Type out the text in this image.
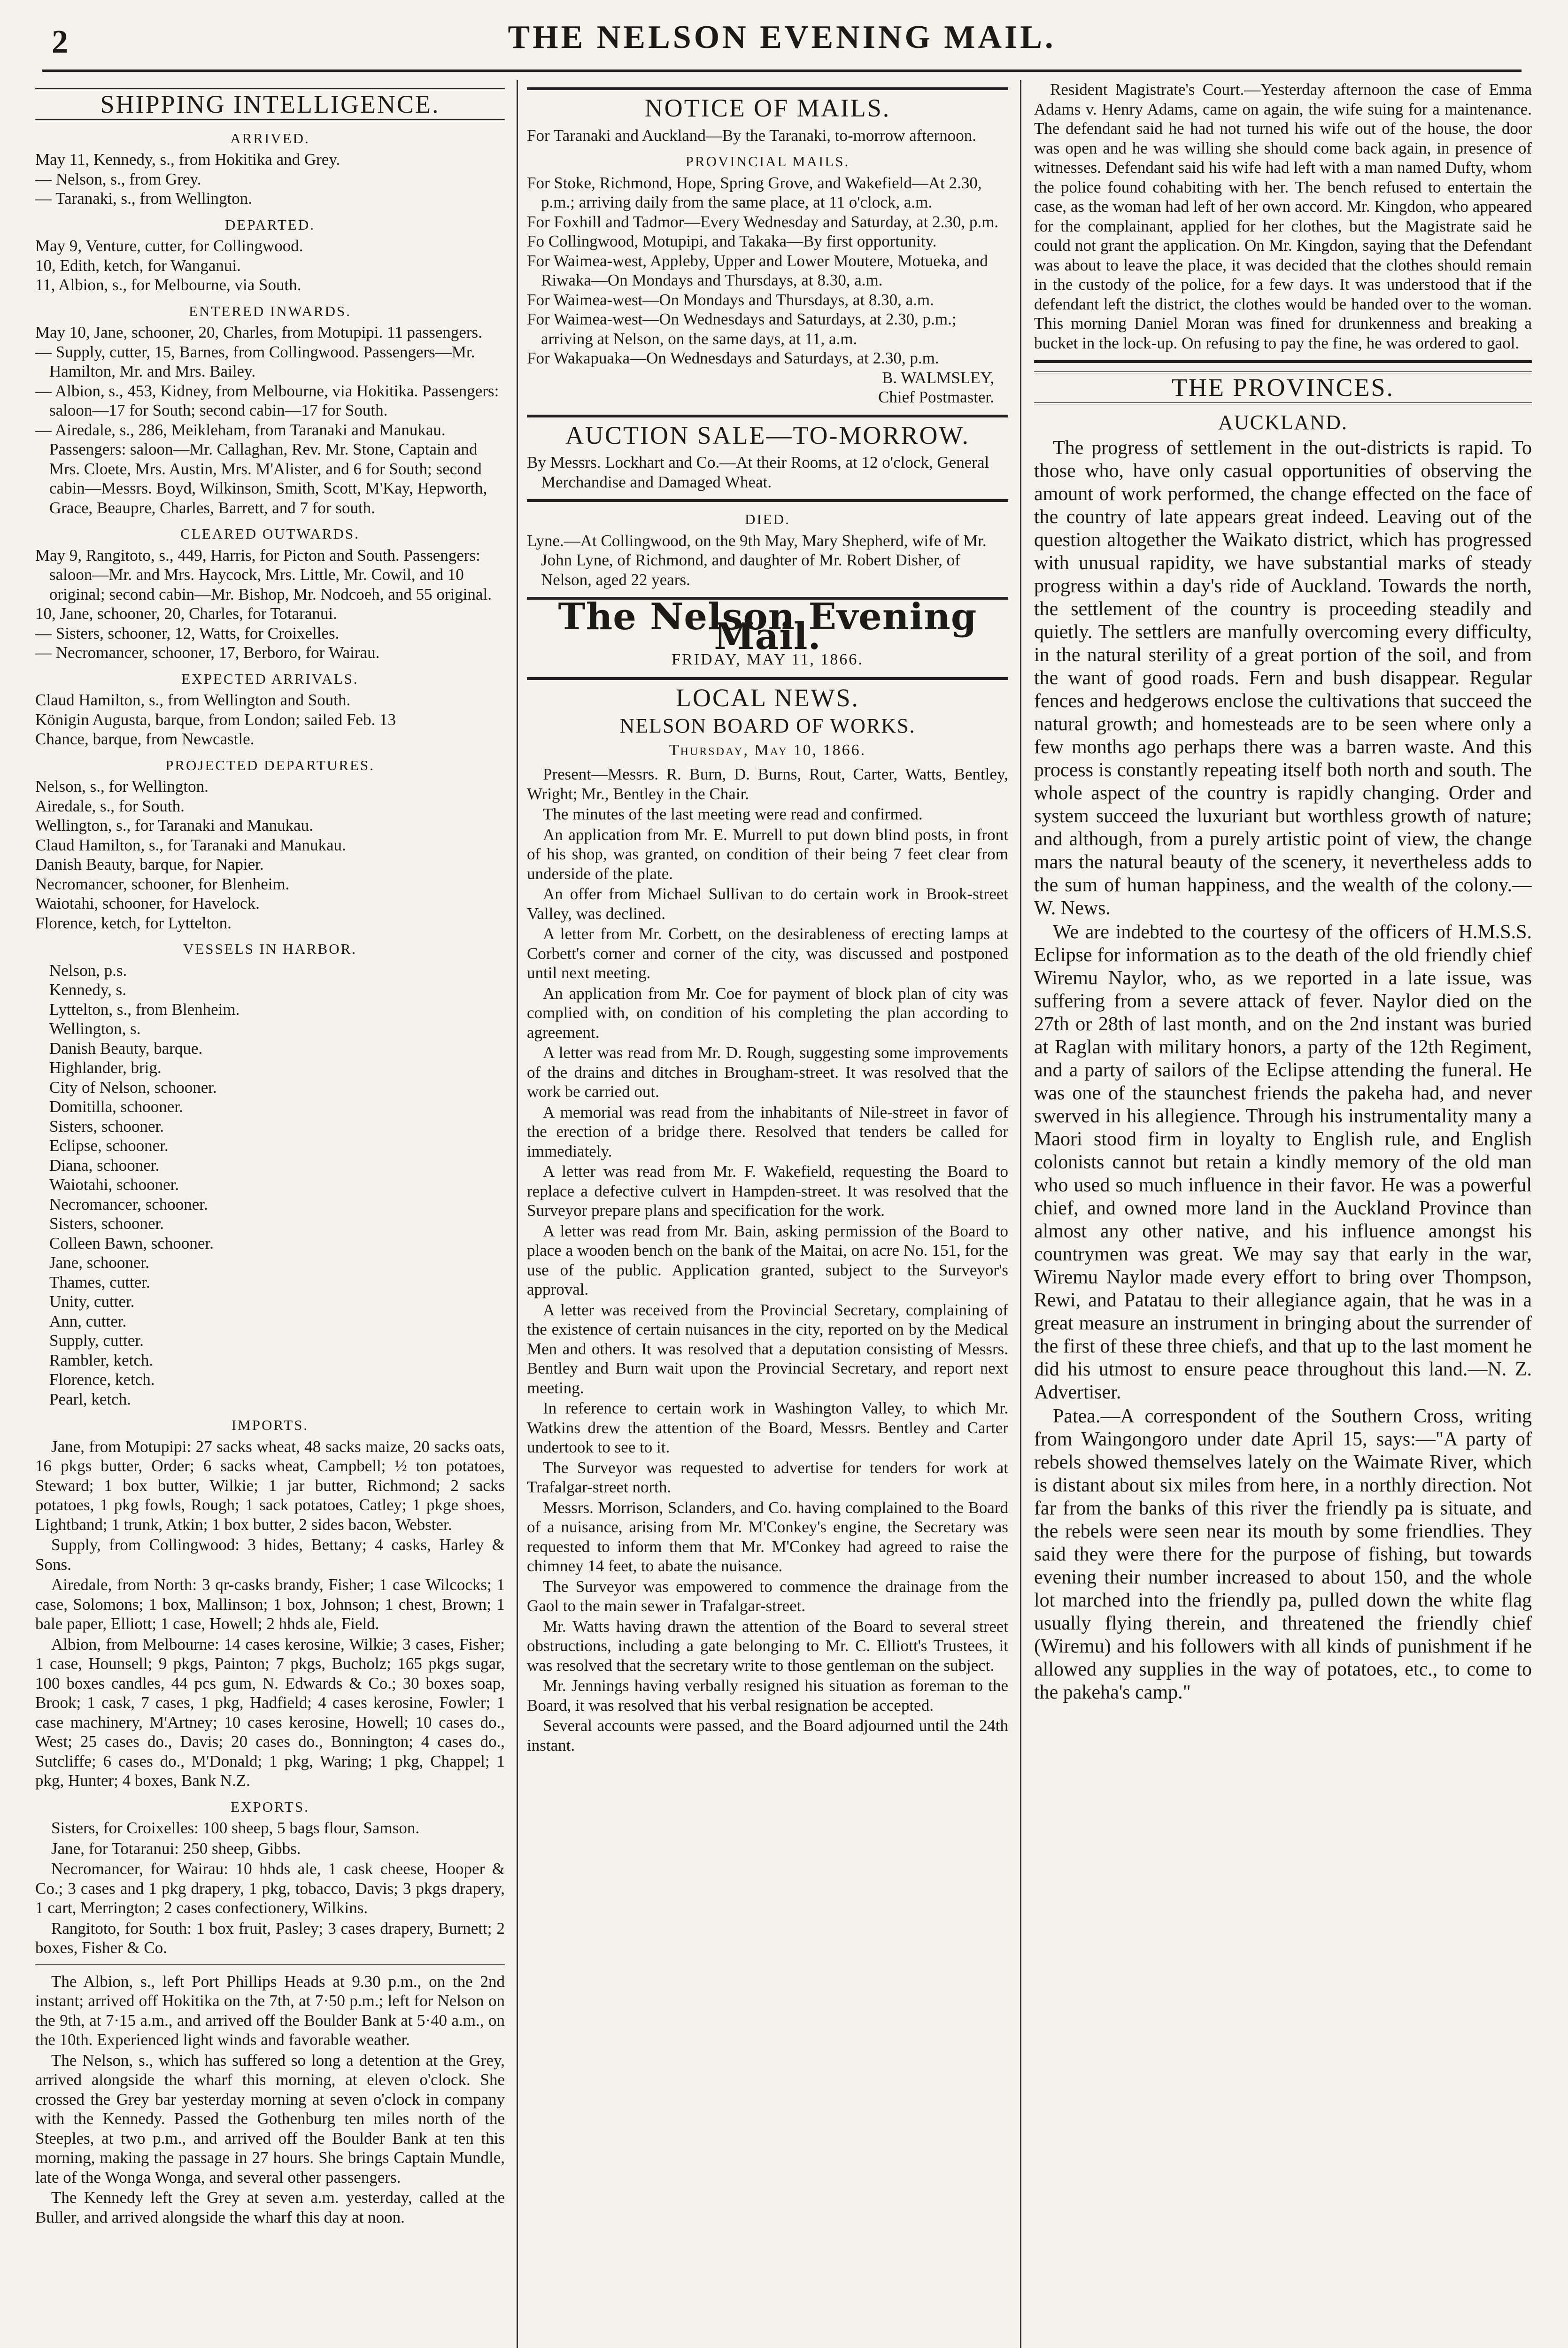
2	THE NELSON EVENING MAIL.
SHIPPING INTELLIGENCE.
ARRIVED.

May 11, Kennedy, s., from Hokitika and Grey.

— Nelson, s., from Grey.

— Taranaki, s., from Wellington.

DEPARTED.

May 9, Venture, cutter, for Collingwood.

10, Edith, ketch, for Wanganui.

11, Albion, s., for Melbourne, via South.

ENTERED INWARDS.

May 10, Jane, schooner, 20, Charles, from Motupipi. 11 passengers.

— Supply, cutter, 15, Barnes, from Collingwood. Passengers—Mr. Hamilton, Mr. and Mrs. Bailey.

— Albion, s., 453, Kidney, from Melbourne, via Hokitika. Passengers: saloon—17 for South; second cabin—17 for South.

— Airedale, s., 286, Meikleham, from Taranaki and Manukau. Passengers: saloon—Mr. Callaghan, Rev. Mr. Stone, Captain and Mrs. Cloete, Mrs. Austin, Mrs. M'Alister, and 6 for South; second cabin—Messrs. Boyd, Wilkinson, Smith, Scott, M'Kay, Hepworth, Grace, Beaupre, Charles, Barrett, and 7 for south.

CLEARED OUTWARDS.

May 9, Rangitoto, s., 449, Harris, for Picton and South. Passengers: saloon—Mr. and Mrs. Haycock, Mrs. Little, Mr. Cowil, and 10 original; second cabin—Mr. Bishop, Mr. Nodcoeh, and 55 original.

10, Jane, schooner, 20, Charles, for Totaranui.

— Sisters, schooner, 12, Watts, for Croixelles.

— Necromancer, schooner, 17, Berboro, for Wairau.

EXPECTED ARRIVALS.

Claud Hamilton, s., from Wellington and South.

Königin Augusta, barque, from London; sailed Feb. 13

Chance, barque, from Newcastle.

PROJECTED DEPARTURES.

Nelson, s., for Wellington.

Airedale, s., for South.

Wellington, s., for Taranaki and Manukau.

Claud Hamilton, s., for Taranaki and Manukau.

Danish Beauty, barque, for Napier.

Necromancer, schooner, for Blenheim.

Waiotahi, schooner, for Havelock.

Florence, ketch, for Lyttelton.

VESSELS IN HARBOR.

Nelson, p.s.

Kennedy, s.

Lyttelton, s., from Blenheim.

Wellington, s.

Danish Beauty, barque.

Highlander, brig.

City of Nelson, schooner.

Domitilla, schooner.

Sisters, schooner.

Eclipse, schooner.

Diana, schooner.

Waiotahi, schooner.

Necromancer, schooner.

Sisters, schooner.

Colleen Bawn, schooner.

Jane, schooner.

Thames, cutter.

Unity, cutter.

Ann, cutter.

Supply, cutter.

Rambler, ketch.

Florence, ketch.

Pearl, ketch.

IMPORTS.

Jane, from Motupipi: 27 sacks wheat, 48 sacks maize, 20 sacks oats, 16 pkgs butter, Order; 6 sacks wheat, Campbell; ½ ton potatoes, Steward; 1 box butter, Wilkie; 1 jar butter, Richmond; 2 sacks potatoes, 1 pkg fowls, Rough; 1 sack potatoes, Catley; 1 pkge shoes, Lightband; 1 trunk, Atkin; 1 box butter, 2 sides bacon, Webster.

Supply, from Collingwood: 3 hides, Bettany; 4 casks, Harley & Sons.

Airedale, from North: 3 qr-casks brandy, Fisher; 1 case Wilcocks; 1 case, Solomons; 1 box, Mallinson; 1 box, Johnson; 1 chest, Brown; 1 bale paper, Elliott; 1 case, Howell; 2 hhds ale, Field.

Albion, from Melbourne: 14 cases kerosine, Wilkie; 3 cases, Fisher; 1 case, Hounsell; 9 pkgs, Painton; 7 pkgs, Bucholz; 165 pkgs sugar, 100 boxes candles, 44 pcs gum, N. Edwards & Co.; 30 boxes soap, Brook; 1 cask, 7 cases, 1 pkg, Hadfield; 4 cases kerosine, Fowler; 1 case machinery, M'Artney; 10 cases kerosine, Howell; 10 cases do., West; 25 cases do., Davis; 20 cases do., Bonnington; 4 cases do., Sutcliffe; 6 cases do., M'Donald; 1 pkg, Waring; 1 pkg, Chappel; 1 pkg, Hunter; 4 boxes, Bank N.Z.

EXPORTS.

Sisters, for Croixelles: 100 sheep, 5 bags flour, Samson.

Jane, for Totaranui: 250 sheep, Gibbs.

Necromancer, for Wairau: 10 hhds ale, 1 cask cheese, Hooper & Co.; 3 cases and 1 pkg drapery, 1 pkg, tobacco, Davis; 3 pkgs drapery, 1 cart, Merrington; 2 cases confectionery, Wilkins.

Rangitoto, for South: 1 box fruit, Pasley; 3 cases drapery, Burnett; 2 boxes, Fisher & Co.

The Albion, s., left Port Phillips Heads at 9.30 p.m., on the 2nd instant; arrived off Hokitika on the 7th, at 7·50 p.m.; left for Nelson on the 9th, at 7·15 a.m., and arrived off the Boulder Bank at 5·40 a.m., on the 10th. Experienced light winds and favorable weather.

The Nelson, s., which has suffered so long a detention at the Grey, arrived alongside the wharf this morning, at eleven o'clock. She crossed the Grey bar yesterday morning at seven o'clock in company with the Kennedy. Passed the Gothenburg ten miles north of the Steeples, at two p.m., and arrived off the Boulder Bank at ten this morning, making the passage in 27 hours. She brings Captain Mundle, late of the Wonga Wonga, and several other passengers.

The Kennedy left the Grey at seven a.m. yesterday, called at the Buller, and arrived alongside the wharf this day at noon.

NOTICE OF MAILS.

For Taranaki and Auckland—By the Taranaki, to-morrow afternoon.

PROVINCIAL MAILS.

For Stoke, Richmond, Hope, Spring Grove, and Wakefield—At 2.30, p.m.; arriving daily from the same place, at 11 o'clock, a.m.

For Foxhill and Tadmor—Every Wednesday and Saturday, at 2.30, p.m.

Fo Collingwood, Motupipi, and Takaka—By first opportunity.

For Waimea-west, Appleby, Upper and Lower Moutere, Motueka, and Riwaka—On Mondays and Thursdays, at 8.30, a.m.

For Waimea-west—On Mondays and Thursdays, at 8.30, a.m.

For Waimea-west—On Wednesdays and Saturdays, at 2.30, p.m.; arriving at Nelson, on the same days, at 11, a.m.

For Wakapuaka—On Wednesdays and Saturdays, at 2.30, p.m.

B. WALMSLEY,

Chief Postmaster.

AUCTION SALE—TO-MORROW.

By Messrs. Lockhart and Co.—At their Rooms, at 12 o'clock, General Merchandise and Damaged Wheat.

DIED.

Lyne.—At Collingwood, on the 9th May, Mary Shepherd, wife of Mr. John Lyne, of Richmond, and daughter of Mr. Robert Disher, of Nelson, aged 22 years.

The Nelson Evening Mail.
FRIDAY, MAY 11, 1866.
LOCAL NEWS.
NELSON BOARD OF WORKS.
Thursday, May 10, 1866.

Present—Messrs. R. Burn, D. Burns, Rout, Carter, Watts, Bentley, Wright; Mr., Bentley in the Chair.

The minutes of the last meeting were read and confirmed.

An application from Mr. E. Murrell to put down blind posts, in front of his shop, was granted, on condition of their being 7 feet clear from underside of the plate.

An offer from Michael Sullivan to do certain work in Brook-street Valley, was declined.

A letter from Mr. Corbett, on the desirableness of erecting lamps at Corbett's corner and corner of the city, was discussed and postponed until next meeting.

An application from Mr. Coe for payment of block plan of city was complied with, on condition of his completing the plan according to agreement.

A letter was read from Mr. D. Rough, suggesting some improvements of the drains and ditches in Brougham-street. It was resolved that the work be carried out.

A memorial was read from the inhabitants of Nile-street in favor of the erection of a bridge there. Resolved that tenders be called for immediately.

A letter was read from Mr. F. Wakefield, requesting the Board to replace a defective culvert in Hampden-street. It was resolved that the Surveyor prepare plans and specification for the work.

A letter was read from Mr. Bain, asking permission of the Board to place a wooden bench on the bank of the Maitai, on acre No. 151, for the use of the public. Application granted, subject to the Surveyor's approval.

A letter was received from the Provincial Secretary, complaining of the existence of certain nuisances in the city, reported on by the Medical Men and others. It was resolved that a deputation consisting of Messrs. Bentley and Burn wait upon the Provincial Secretary, and report next meeting.

In reference to certain work in Washington Valley, to which Mr. Watkins drew the attention of the Board, Messrs. Bentley and Carter undertook to see to it.

The Surveyor was requested to advertise for tenders for work at Trafalgar-street north.

Messrs. Morrison, Sclanders, and Co. having complained to the Board of a nuisance, arising from Mr. M'Conkey's engine, the Secretary was requested to inform them that Mr. M'Conkey had agreed to raise the chimney 14 feet, to abate the nuisance.

The Surveyor was empowered to commence the drainage from the Gaol to the main sewer in Trafalgar-street.

Mr. Watts having drawn the attention of the Board to several street obstructions, including a gate belonging to Mr. C. Elliott's Trustees, it was resolved that the secretary write to those gentleman on the subject.

Mr. Jennings having verbally resigned his situation as foreman to the Board, it was resolved that his verbal resignation be accepted.

Several accounts were passed, and the Board adjourned until the 24th instant.

Resident Magistrate's Court.—Yesterday afternoon the case of Emma Adams v. Henry Adams, came on again, the wife suing for a maintenance. The defendant said he had not turned his wife out of the house, the door was open and he was willing she should come back again, in presence of witnesses. Defendant said his wife had left with a man named Dufty, whom the police found cohabiting with her. The bench refused to entertain the case, as the woman had left of her own accord. Mr. Kingdon, who appeared for the complainant, applied for her clothes, but the Magistrate said he could not grant the application. On Mr. Kingdon, saying that the Defendant was about to leave the place, it was decided that the clothes should remain in the custody of the police, for a few days. It was understood that if the defendant left the district, the clothes would be handed over to the woman. This morning Daniel Moran was fined for drunkenness and breaking a bucket in the lock-up. On refusing to pay the fine, he was ordered to gaol.

THE PROVINCES.
AUCKLAND.

The progress of settlement in the out-districts is rapid. To those who, have only casual opportunities of observing the amount of work performed, the change effected on the face of the country of late appears great indeed. Leaving out of the question altogether the Waikato district, which has progressed with unusual rapidity, we have substantial marks of steady progress within a day's ride of Auckland. Towards the north, the settlement of the country is proceeding steadily and quietly. The settlers are manfully overcoming every difficulty, in the natural sterility of a great portion of the soil, and from the want of good roads. Fern and bush disappear. Regular fences and hedgerows enclose the cultivations that succeed the natural growth; and homesteads are to be seen where only a few months ago perhaps there was a barren waste. And this process is constantly repeating itself both north and south. The whole aspect of the country is rapidly changing. Order and system succeed the luxuriant but worthless growth of nature; and although, from a purely artistic point of view, the change mars the natural beauty of the scenery, it nevertheless adds to the sum of human happiness, and the wealth of the colony.—W. News.

We are indebted to the courtesy of the officers of H.M.S.S. Eclipse for information as to the death of the old friendly chief Wiremu Naylor, who, as we reported in a late issue, was suffering from a severe attack of fever. Naylor died on the 27th or 28th of last month, and on the 2nd instant was buried at Raglan with military honors, a party of the 12th Regiment, and a party of sailors of the Eclipse attending the funeral. He was one of the staunchest friends the pakeha had, and never swerved in his allegience. Through his instrumentality many a Maori stood firm in loyalty to English rule, and English colonists cannot but retain a kindly memory of the old man who used so much influence in their favor. He was a powerful chief, and owned more land in the Auckland Province than almost any other native, and his influence amongst his countrymen was great. We may say that early in the war, Wiremu Naylor made every effort to bring over Thompson, Rewi, and Patatau to their allegiance again, that he was in a great measure an instrument in bringing about the surrender of the first of these three chiefs, and that up to the last moment he did his utmost to ensure peace throughout this land.—N. Z. Advertiser.

Patea.—A correspondent of the Southern Cross, writing from Waingongoro under date April 15, says:—"A party of rebels showed themselves lately on the Waimate River, which is distant about six miles from here, in a northly direction. Not far from the banks of this river the friendly pa is situate, and the rebels were seen near its mouth by some friendlies. They said they were there for the purpose of fishing, but towards evening their number increased to about 150, and the whole lot marched into the friendly pa, pulled down the white flag usually flying therein, and threatened the friendly chief (Wiremu) and his followers with all kinds of punishment if he allowed any supplies in the way of potatoes, etc., to come to the pakeha's camp."
